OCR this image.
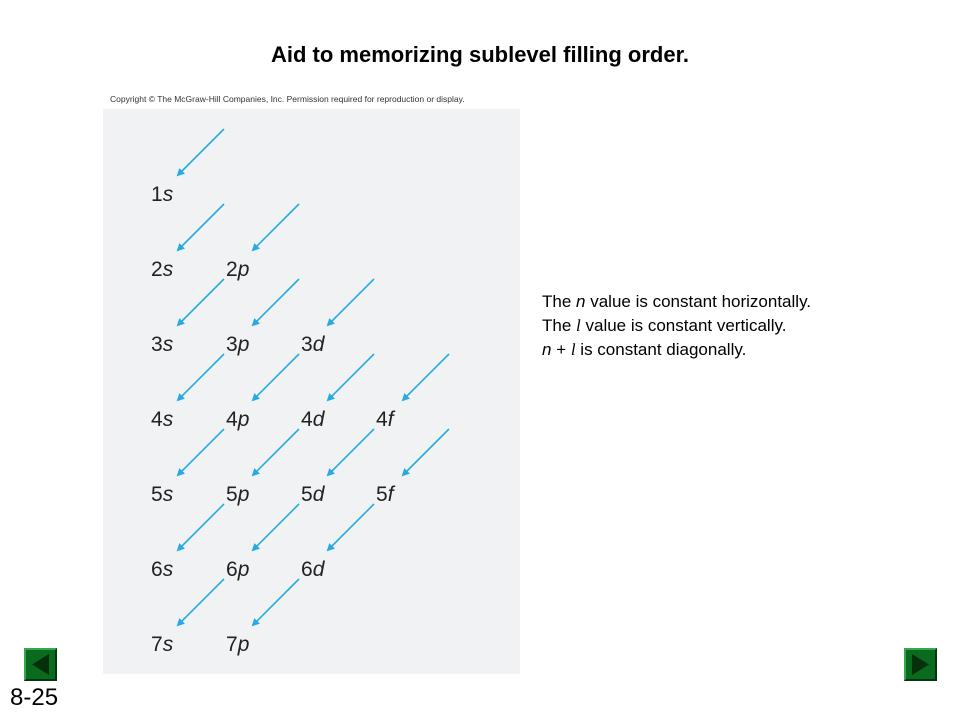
Aid to memorizing sublevel filling order.
Copyright © The McGraw-Hill Companies, Inc. Permission required for reproduction or display.
1s
2s	2p
3s	3p 3d
4s	4p 4d 4f
5s	5p 5d 5f
6s	6p 6d
7s	7p
The n value is constant horizontally.
The l value is constant vertically.
n + l is constant diagonally.
8-25
